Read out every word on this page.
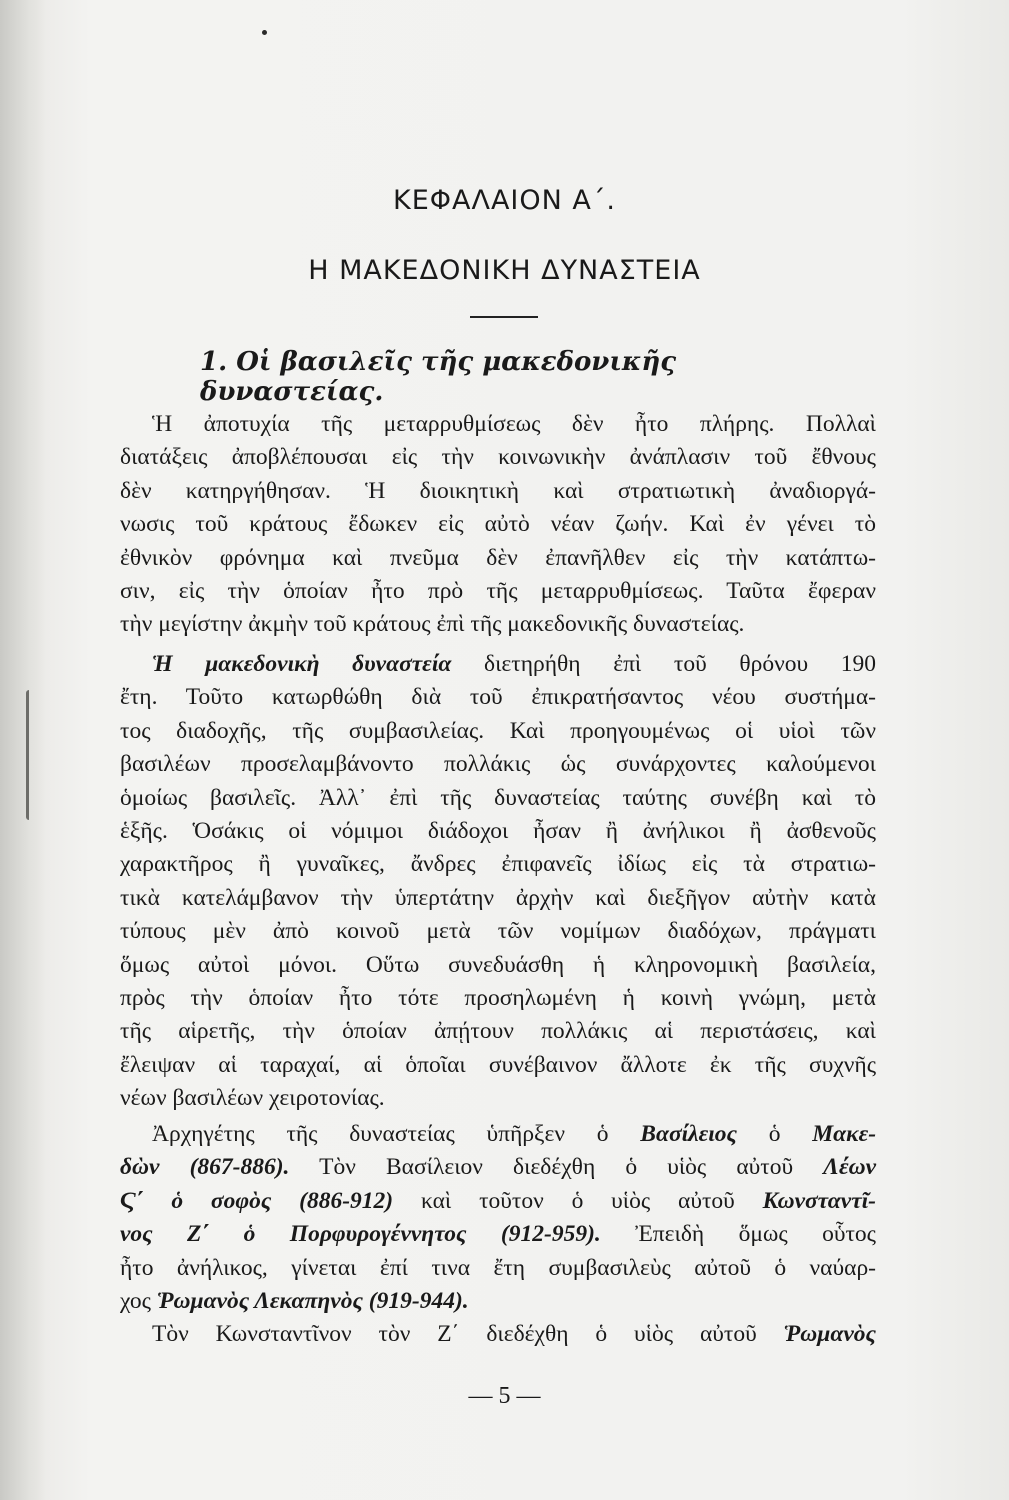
ΚΕΦΑΛΑΙΟΝ Α΄.
Η ΜΑΚΕΔΟΝΙΚΗ ΔΥΝΑΣΤΕΙΑ
1. Οἱ βασιλεῖς τῆς μακεδονικῆς δυναστείας.
Ἡ ἀποτυχία τῆς μεταρρυθμίσεως δὲν ἦτο πλήρης. Πολλαὶ
διατάξεις ἀποβλέπουσαι εἰς τὴν κοινωνικὴν ἀνάπλασιν τοῦ ἔθνους
δὲν κατηργήθησαν. Ἡ διοικητικὴ καὶ στρατιωτικὴ ἀναδιοργά-
νωσις τοῦ κράτους ἔδωκεν εἰς αὐτὸ νέαν ζωήν. Καὶ ἐν γένει τὸ
ἐθνικὸν φρόνημα καὶ πνεῦμα δὲν ἐπανῆλθεν εἰς τὴν κατάπτω-
σιν, εἰς τὴν ὁποίαν ἦτο πρὸ τῆς μεταρρυθμίσεως. Ταῦτα ἔφεραν
τὴν μεγίστην ἀκμὴν τοῦ κράτους ἐπὶ τῆς μακεδονικῆς δυναστείας.
Ἡ μακεδονικὴ δυναστεία διετηρήθη ἐπὶ τοῦ θρόνου 190
ἔτη. Τοῦτο κατωρθώθη διὰ τοῦ ἐπικρατήσαντος νέου συστήμα-
τος διαδοχῆς, τῆς συμβασιλείας. Καὶ προηγουμένως οἱ υἱοὶ τῶν
βασιλέων προσελαμβάνοντο πολλάκις ὡς συνάρχοντες καλούμενοι
ὁμοίως βασιλεῖς. Ἀλλ᾽ ἐπὶ τῆς δυναστείας ταύτης συνέβη καὶ τὸ
ἑξῆς. Ὁσάκις οἱ νόμιμοι διάδοχοι ἦσαν ἢ ἀνήλικοι ἢ ἀσθενοῦς
χαρακτῆρος ἢ γυναῖκες, ἄνδρες ἐπιφανεῖς ἰδίως εἰς τὰ στρατιω-
τικὰ κατελάμβανον τὴν ὑπερτάτην ἀρχὴν καὶ διεξῆγον αὐτὴν κατὰ
τύπους μὲν ἀπὸ κοινοῦ μετὰ τῶν νομίμων διαδόχων, πράγματι
ὅμως αὐτοὶ μόνοι. Οὕτω συνεδυάσθη ἡ κληρονομικὴ βασιλεία,
πρὸς τὴν ὁποίαν ἦτο τότε προσηλωμένη ἡ κοινὴ γνώμη, μετὰ
τῆς αἱρετῆς, τὴν ὁποίαν ἀπῄτουν πολλάκις αἱ περιστάσεις, καὶ
ἔλειψαν αἱ ταραχαί, αἱ ὁποῖαι συνέβαινον ἄλλοτε ἐκ τῆς συχνῆς
νέων βασιλέων χειροτονίας.
Ἀρχηγέτης τῆς δυναστείας ὑπῆρξεν ὁ Βασίλειος ὁ Μακε-
δὼν (867-886). Τὸν Βασίλειον διεδέχθη ὁ υἱὸς αὐτοῦ Λέων
Ϛ΄ ὁ σοφὸς (886-912) καὶ τοῦτον ὁ υἱὸς αὐτοῦ Κωνσταντῖ-
νος Ζ΄ ὁ Πορφυρογέννητος (912-959). Ἐπειδὴ ὅμως οὗτος
ἦτο ἀνήλικος, γίνεται ἐπί τινα ἔτη συμβασιλεὺς αὐτοῦ ὁ ναύαρ-
χος Ῥωμανὸς Λεκαπηνὸς (919-944).
Τὸν Κωνσταντῖνον τὸν Ζ΄ διεδέχθη ὁ υἱὸς αὐτοῦ Ῥωμανὸς
— 5 —
